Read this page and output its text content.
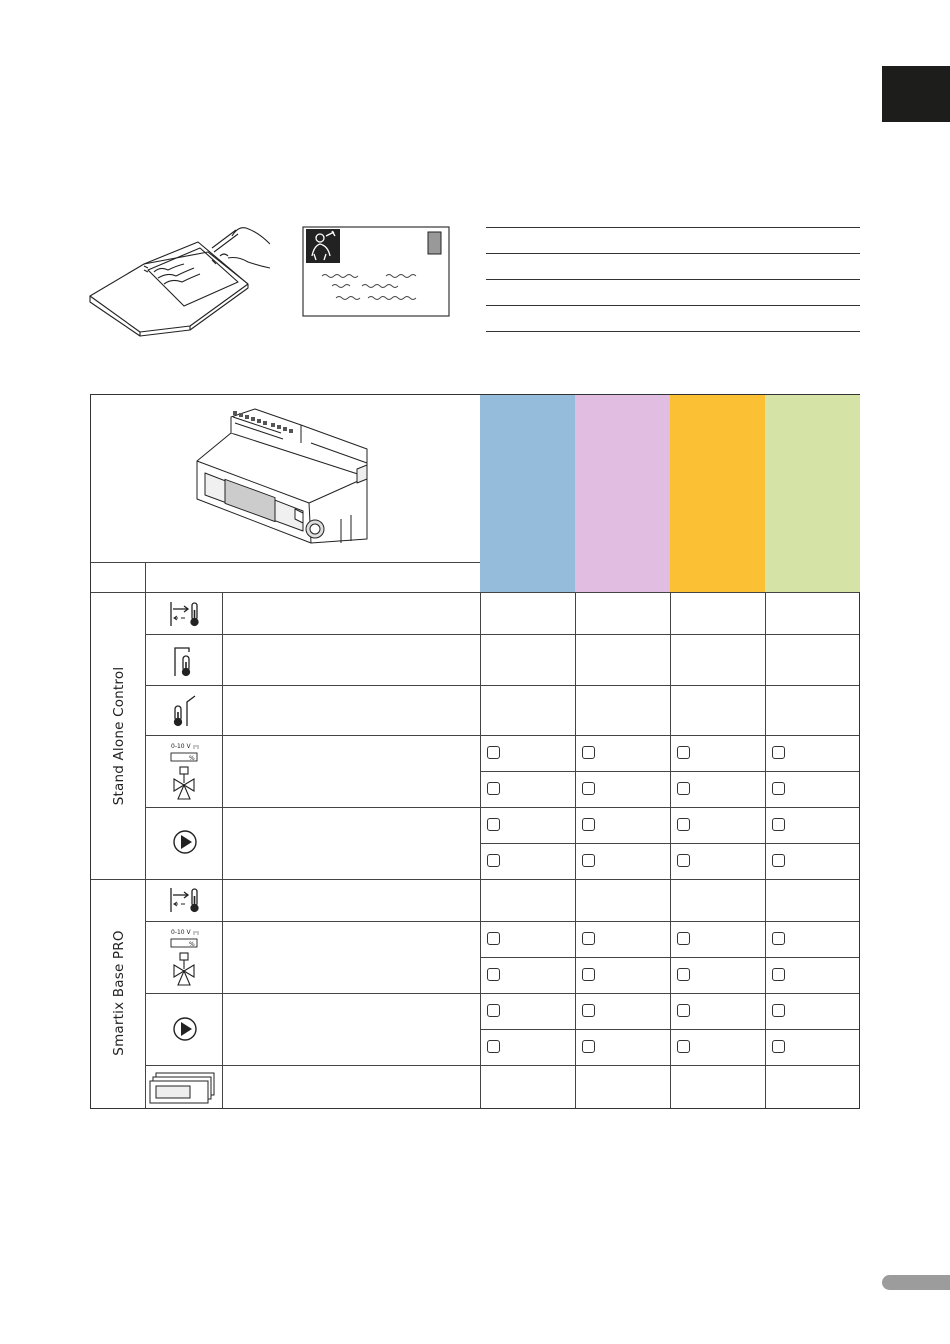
Stand Alone Control
Smartix Base PRO
0-10 V
%
0-10 V
%
